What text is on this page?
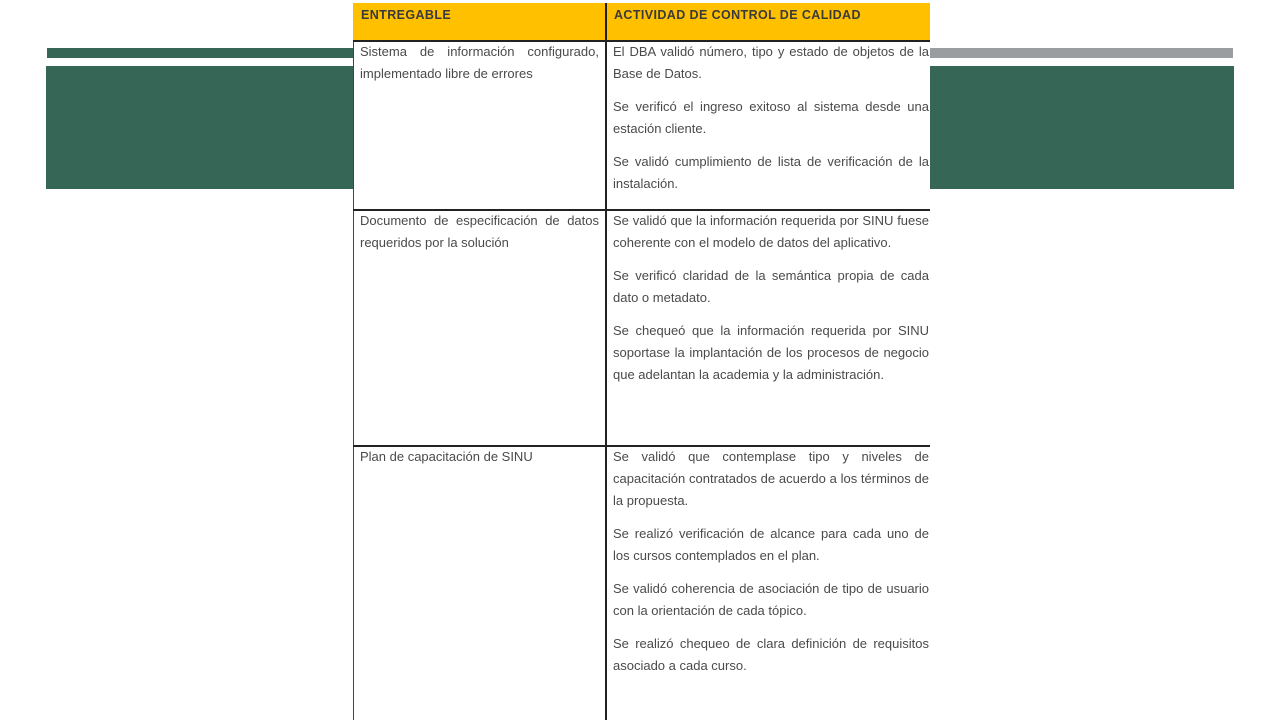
ENTREGABLE	ACTIVIDAD DE CONTROL DE CALIDAD
Sistema de información configurado, implementado libre de errores

El DBA validó número, tipo y estado de objetos de la Base de Datos.

Se verificó el ingreso exitoso al sistema desde una estación cliente.

Se validó cumplimiento de lista de verificación de la instalación.

Documento de especificación de datos requeridos por la solución

Se validó que la información requerida por SINU fuese coherente con el modelo de datos del aplicativo.

Se verificó claridad de la semántica propia de cada dato o metadato.

Se chequeó que la información requerida por SINU soportase la implantación de los procesos de negocio que adelantan la academia y la administración.

Plan de capacitación de SINU	Se validó que contemplase tipo y niveles de capacitación contratados de acuerdo a los términos de la propuesta.

Se realizó verificación de alcance para cada uno de los cursos contemplados en el plan.

Se validó coherencia de asociación de tipo de usuario con la orientación de cada tópico.

Se realizó chequeo de clara definición de requisitos asociado a cada curso.
